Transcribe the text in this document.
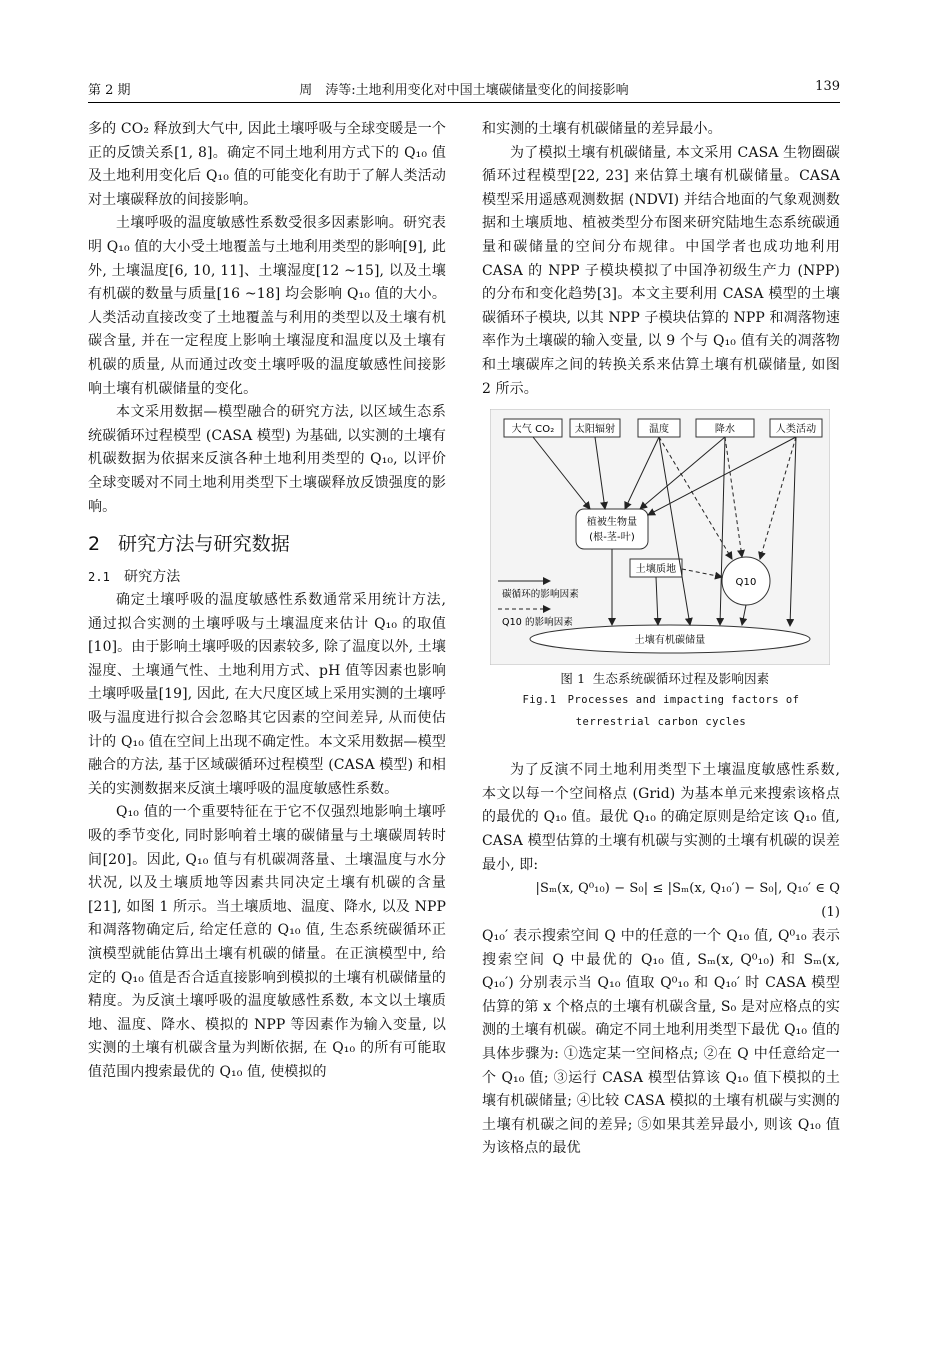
第 2 期	周　涛等:土地利用变化对中国土壤碳储量变化的间接影响	139

多的 CO₂ 释放到大气中, 因此土壤呼吸与全球变暖是一个正的反馈关系[1, 8]。确定不同土地利用方式下的 Q₁₀ 值及土地利用变化后 Q₁₀ 值的可能变化有助于了解人类活动对土壤碳释放的间接影响。

土壤呼吸的温度敏感性系数受很多因素影响。研究表明 Q₁₀ 值的大小受土地覆盖与土地利用类型的影响[9], 此外, 土壤温度[6, 10, 11]、土壤湿度[12 ~15], 以及土壤有机碳的数量与质量[16 ~18] 均会影响 Q₁₀ 值的大小。人类活动直接改变了土地覆盖与利用的类型以及土壤有机碳含量, 并在一定程度上影响土壤湿度和温度以及土壤有机碳的质量, 从而通过改变土壤呼吸的温度敏感性间接影响土壤有机碳储量的变化。

本文采用数据—模型融合的研究方法, 以区域生态系统碳循环过程模型 (CASA 模型) 为基础, 以实测的土壤有机碳数据为依据来反演各种土地利用类型的 Q₁₀, 以评价全球变暖对不同土地利用类型下土壤碳释放反馈强度的影响。

2 研究方法与研究数据
2.1 研究方法

确定土壤呼吸的温度敏感性系数通常采用统计方法, 通过拟合实测的土壤呼吸与土壤温度来估计 Q₁₀ 的取值[10]。由于影响土壤呼吸的因素较多, 除了温度以外, 土壤湿度、土壤通气性、土地利用方式、pH 值等因素也影响土壤呼吸量[19], 因此, 在大尺度区域上采用实测的土壤呼吸与温度进行拟合会忽略其它因素的空间差异, 从而使估计的 Q₁₀ 值在空间上出现不确定性。本文采用数据—模型融合的方法, 基于区域碳循环过程模型 (CASA 模型) 和相关的实测数据来反演土壤呼吸的温度敏感性系数。

Q₁₀ 值的一个重要特征在于它不仅强烈地影响土壤呼吸的季节变化, 同时影响着土壤的碳储量与土壤碳周转时间[20]。因此, Q₁₀ 值与有机碳凋落量、土壤温度与水分状况, 以及土壤质地等因素共同决定土壤有机碳的含量[21], 如图 1 所示。当土壤质地、温度、降水, 以及 NPP 和凋落物确定后, 给定任意的 Q₁₀ 值, 生态系统碳循环正演模型就能估算出土壤有机碳的储量。在正演模型中, 给定的 Q₁₀ 值是否合适直接影响到模拟的土壤有机碳储量的精度。为反演土壤呼吸的温度敏感性系数, 本文以土壤质地、温度、降水、模拟的 NPP 等因素作为输入变量, 以实测的土壤有机碳含量为判断依据, 在 Q₁₀ 的所有可能取值范围内搜索最优的 Q₁₀ 值, 使模拟的

和实测的土壤有机碳储量的差异最小。

为了模拟土壤有机碳储量, 本文采用 CASA 生物圈碳循环过程模型[22, 23] 来估算土壤有机碳储量。CASA 模型采用遥感观测数据 (NDVI) 并结合地面的气象观测数据和土壤质地、植被类型分布图来研究陆地生态系统碳通量和碳储量的空间分布规律。中国学者也成功地利用 CASA 的 NPP 子模块模拟了中国净初级生产力 (NPP) 的分布和变化趋势[3]。本文主要利用 CASA 模型的土壤碳循环子模块, 以其 NPP 子模块估算的 NPP 和凋落物速率作为土壤碳的输入变量, 以 9 个与 Q₁₀ 值有关的凋落物和土壤碳库之间的转换关系来估算土壤有机碳储量, 如图 2 所示。

大气 CO₂ 太阳辐射	温度	降水	人类活动
植被生物量
(根-茎-叶)
土壤质地
Q10
土壤有机碳储量
碳循环的影响因素
Q10 的影响因素
图 1 生态系统碳循环过程及影响因素
Fig.1　Processes and impacting factors of
terrestrial carbon cycles

为了反演不同土地利用类型下土壤温度敏感性系数, 本文以每一个空间格点 (Grid) 为基本单元来搜索该格点的最优的 Q₁₀ 值。最优 Q₁₀ 的确定原则是给定该 Q₁₀ 值, CASA 模型估算的土壤有机碳与实测的土壤有机碳的误差最小, 即:

|Sₘ(x, Q⁰₁₀) − S₀| ≤ |Sₘ(x, Q₁₀′) − S₀|, Q₁₀′ ∈ Q　(1)

Q₁₀′ 表示搜索空间 Q 中的任意的一个 Q₁₀ 值, Q⁰₁₀ 表示搜索空间 Q 中最优的 Q₁₀ 值, Sₘ(x, Q⁰₁₀) 和 Sₘ(x, Q₁₀′) 分别表示当 Q₁₀ 值取 Q⁰₁₀ 和 Q₁₀′ 时 CASA 模型估算的第 x 个格点的土壤有机碳含量, S₀ 是对应格点的实测的土壤有机碳。确定不同土地利用类型下最优 Q₁₀ 值的具体步骤为: ①选定某一空间格点; ②在 Q 中任意给定一个 Q₁₀ 值; ③运行 CASA 模型估算该 Q₁₀ 值下模拟的土壤有机碳储量; ④比较 CASA 模拟的土壤有机碳与实测的土壤有机碳之间的差异; ⑤如果其差异最小, 则该 Q₁₀ 值为该格点的最优
